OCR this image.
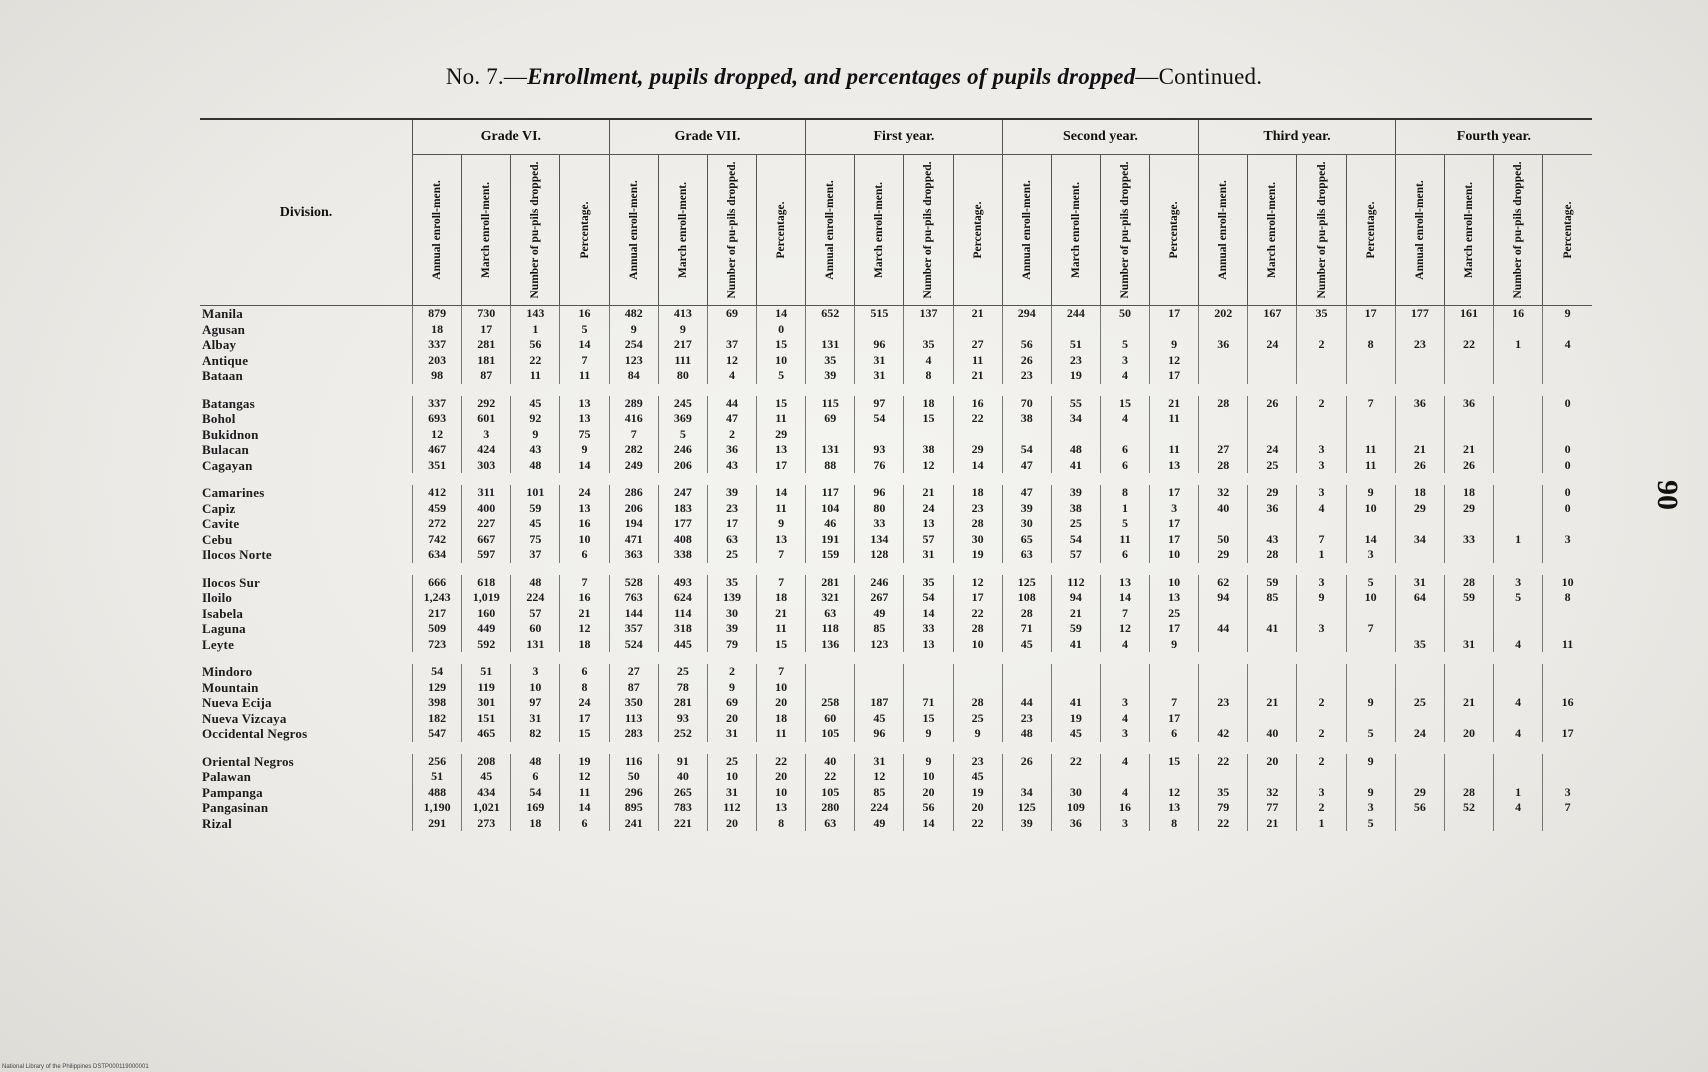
No. 7.—Enrollment, pupils dropped, and percentages of pupils dropped—Continued.
90
Division.	Grade VI.				Grade VII.				First year.				Second year.				Third year.				Fourth year.			

	Annual enroll-ment.	March enroll-ment.	Number of pu-pils dropped.	Percentage.	Annual enroll-ment.	March enroll-ment.	Number of pu-pils dropped.	Percentage.	Annual enroll-ment.	March enroll-ment.	Number of pu-pils dropped.	Percentage.	Annual enroll-ment.	March enroll-ment.	Number of pu-pils dropped.	Percentage.	Annual enroll-ment.	March enroll-ment.	Number of pu-pils dropped.	Percentage.	Annual enroll-ment.	March enroll-ment.	Number of pu-pils dropped.	Percentage.

Manila	879	730	143	16	482	413	69	14	652	515	137	21	294	244	50	17	202	167	35	17	177	161	16	9
Agusan	18	17	1	5	9	9		0																
Albay	337	281	56	14	254	217	37	15	131	96	35	27	56	51	5	9	36	24	2	8	23	22	1	4
Antique	203	181	22	7	123	111	12	10	35	31	4	11	26	23	3	12								
Bataan	98	87	11	11	84	80	4	5	39	31	8	21	23	19	4	17								

Batangas	337	292	45	13	289	245	44	15	115	97	18	16	70	55	15	21	28	26	2	7	36	36		0
Bohol	693	601	92	13	416	369	47	11	69	54	15	22	38	34	4	11								
Bukidnon	12	3	9	75	7	5	2	29																
Bulacan	467	424	43	9	282	246	36	13	131	93	38	29	54	48	6	11	27	24	3	11	21	21		0
Cagayan	351	303	48	14	249	206	43	17	88	76	12	14	47	41	6	13	28	25	3	11	26	26		0

Camarines	412	311	101	24	286	247	39	14	117	96	21	18	47	39	8	17	32	29	3	9	18	18		0
Capiz	459	400	59	13	206	183	23	11	104	80	24	23	39	38	1	3	40	36	4	10	29	29		0
Cavite	272	227	45	16	194	177	17	9	46	33	13	28	30	25	5	17								
Cebu	742	667	75	10	471	408	63	13	191	134	57	30	65	54	11	17	50	43	7	14	34	33	1	3
Ilocos Norte	634	597	37	6	363	338	25	7	159	128	31	19	63	57	6	10	29	28	1	3				

Ilocos Sur	666	618	48	7	528	493	35	7	281	246	35	12	125	112	13	10	62	59	3	5	31	28	3	10
Iloilo	1,243	1,019	224	16	763	624	139	18	321	267	54	17	108	94	14	13	94	85	9	10	64	59	5	8
Isabela	217	160	57	21	144	114	30	21	63	49	14	22	28	21	7	25								
Laguna	509	449	60	12	357	318	39	11	118	85	33	28	71	59	12	17	44	41	3	7				
Leyte	723	592	131	18	524	445	79	15	136	123	13	10	45	41	4	9					35	31	4	11

Mindoro	54	51	3	6	27	25	2	7																
Mountain	129	119	10	8	87	78	9	10																
Nueva Ecija	398	301	97	24	350	281	69	20	258	187	71	28	44	41	3	7	23	21	2	9	25	21	4	16
Nueva Vizcaya	182	151	31	17	113	93	20	18	60	45	15	25	23	19	4	17								
Occidental Negros	547	465	82	15	283	252	31	11	105	96	9	9	48	45	3	6	42	40	2	5	24	20	4	17

Oriental Negros	256	208	48	19	116	91	25	22	40	31	9	23	26	22	4	15	22	20	2	9				
Palawan	51	45	6	12	50	40	10	20	22	12	10	45												
Pampanga	488	434	54	11	296	265	31	10	105	85	20	19	34	30	4	12	35	32	3	9	29	28	1	3
Pangasinan	1,190	1,021	169	14	895	783	112	13	280	224	56	20	125	109	16	13	79	77	2	3	56	52	4	7
Rizal	291	273	18	6	241	221	20	8	63	49	14	22	39	36	3	8	22	21	1	5				
National Library of the Philippines DSTP000119000001
